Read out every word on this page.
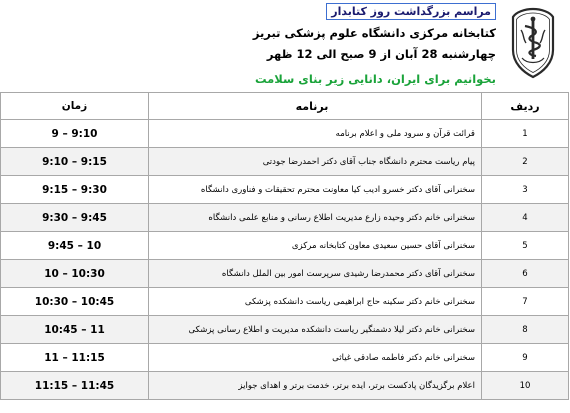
مراسم بزرگداشت روز کتابدار
کتابخانه مرکزی دانشگاه علوم پزشکی تبریز
چهارشنبه 28 آبان از 9 صبح الی 12 ظهر
بخوانیم برای ایران، دانایی زیر بنای سلامت
ردیف	برنامه	زمان
1	قرائت قرآن و سرود ملی و اعلام برنامه	9 – 9:10
2	پیام ریاست محترم دانشگاه جناب آقای دکتر احمدرضا جودتی	9:10 – 9:15
3	سخنرانی آقای دکتر خسرو ادیب کیا معاونت محترم تحقیقات و فناوری دانشگاه	9:15 – 9:30
4	سخنرانی خانم دکتر وحیده زارع مدیریت اطلاع رسانی و منابع علمی دانشگاه	9:30 – 9:45
5	سخنرانی آقای حسین سعیدی معاون کتابخانه مرکزی	9:45 – 10
6	سخنرانی آقای دکتر محمدرضا رشیدی سرپرست امور بین الملل دانشگاه	10 – 10:30
7	سخنرانی خانم دکتر سکینه حاج ابراهیمی ریاست دانشکده پزشکی	10:30 – 10:45
8	سخنرانی خانم دکتر لیلا دشمنگیر ریاست دانشکده مدیریت و اطلاع رسانی پزشکی	10:45 – 11
9	سخنرانی خانم دکتر فاطمه صادقی غیاثی	11 – 11:15
10	اعلام برگزیدگان پادکست برتر، ایده برتر، خدمت برتر و اهدای جوایز	11:15 – 11:45
